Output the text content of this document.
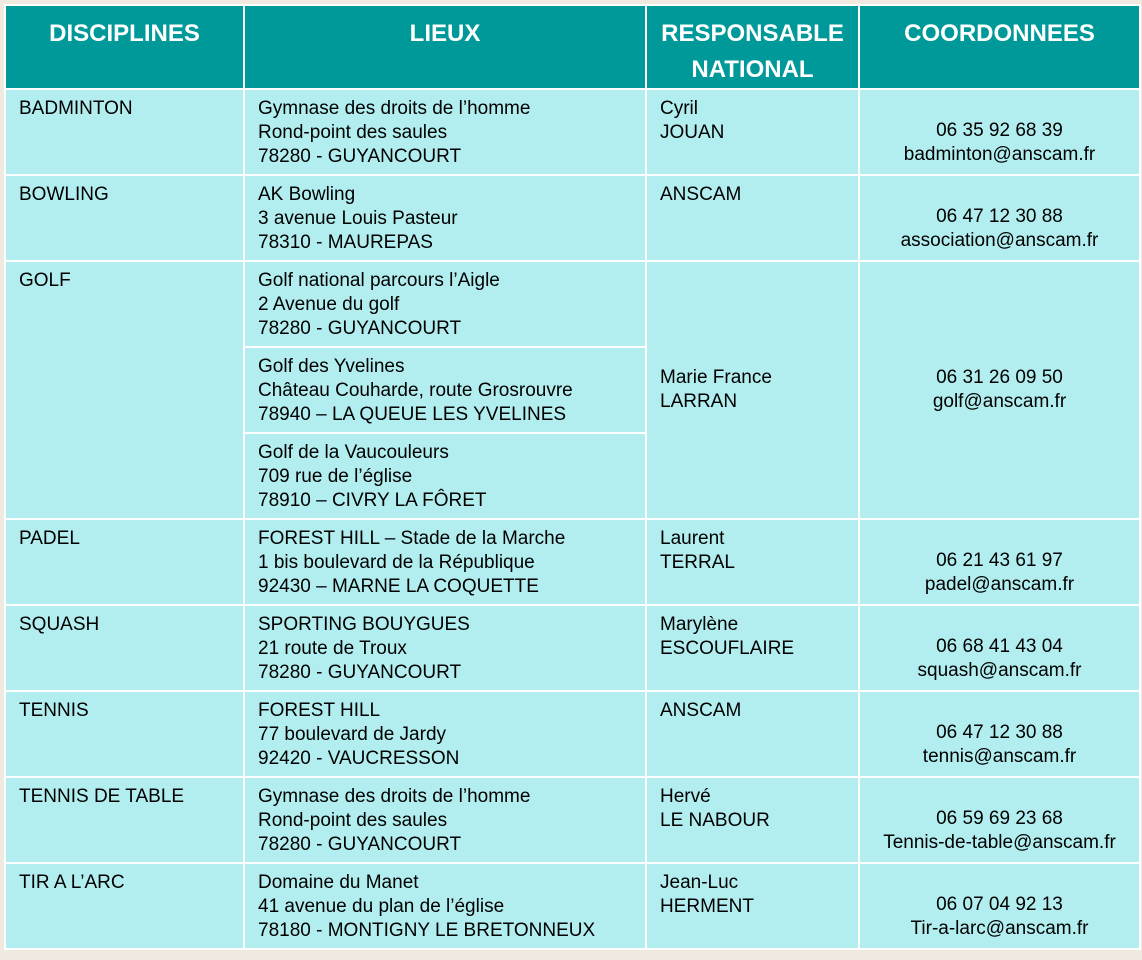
DISCIPLINES	LIEUX	RESPONSABLE
NATIONAL	COORDONNEES
BADMINTON	Gymnase des droits de l’homme
Rond-point des saules
78280 - GUYANCOURT	Cyril
JOUAN	06 35 92 68 39
badminton@anscam.fr

BOWLING	AK Bowling
3 avenue Louis Pasteur
78310 - MAUREPAS	ANSCAM	06 47 12 30 88
association@anscam.fr

GOLF	Golf national parcours l’Aigle
2 Avenue du golf
78280 - GUYANCOURT	Marie France
LARRAN	06 31 26 09 50
golf@anscam.fr

	Golf des Yvelines
Château Couharde, route Grosrouvre
78940 – LA QUEUE LES YVELINES		

	Golf de la Vaucouleurs
709 rue de l’église
78910 – CIVRY LA FÔRET		

PADEL	FOREST HILL – Stade de la Marche
1 bis boulevard de la République
92430 – MARNE LA COQUETTE	Laurent
TERRAL	06 21 43 61 97
padel@anscam.fr

SQUASH	SPORTING BOUYGUES
21 route de Troux
78280 - GUYANCOURT	Marylène
ESCOUFLAIRE	06 68 41 43 04
squash@anscam.fr

TENNIS	FOREST HILL
77 boulevard de Jardy
92420 - VAUCRESSON	ANSCAM	06 47 12 30 88
tennis@anscam.fr

TENNIS DE TABLE	Gymnase des droits de l’homme
Rond-point des saules
78280 - GUYANCOURT	Hervé
LE NABOUR	06 59 69 23 68
Tennis-de-table@anscam.fr

TIR A L’ARC	Domaine du Manet
41 avenue du plan de l’église
78180 - MONTIGNY LE BRETONNEUX	Jean-Luc
HERMENT	06 07 04 92 13
Tir-a-larc@anscam.fr
